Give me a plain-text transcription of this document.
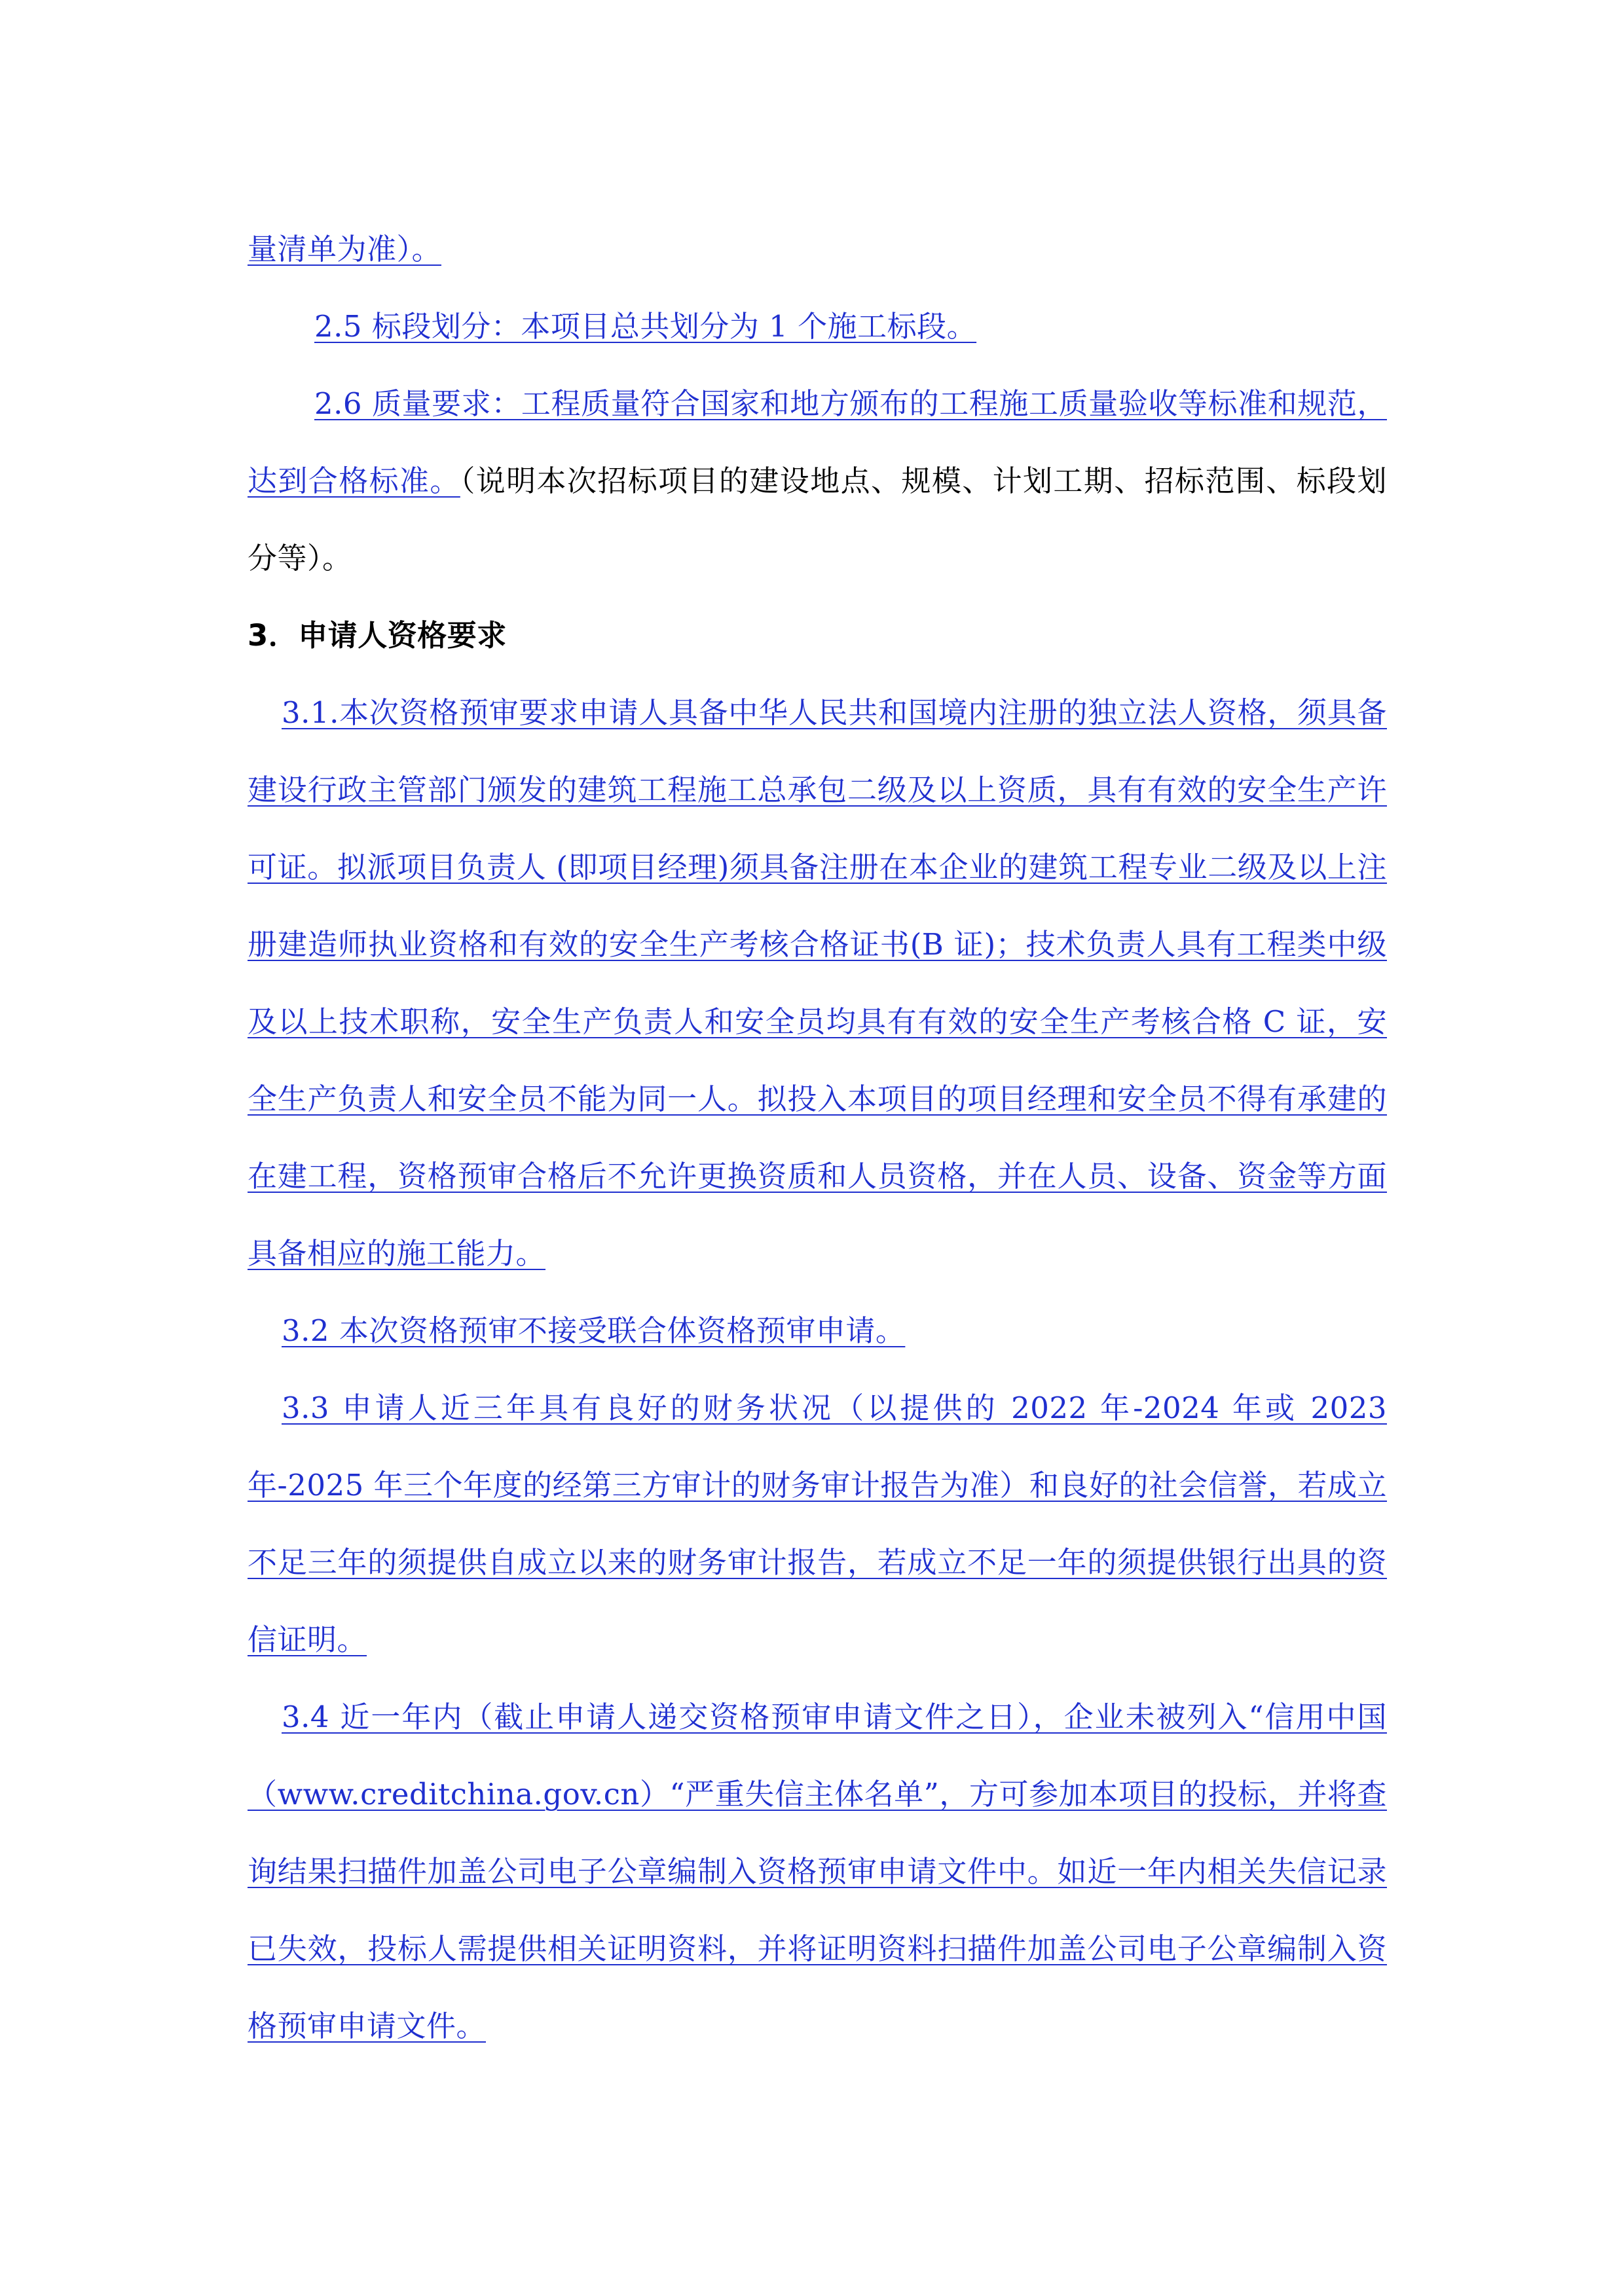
量清单为准）。

2.5 标段划分：本项目总共划分为 1 个施工标段。

2.6 质量要求：工程质量符合国家和地方颁布的工程施工质量验收等标准和规范，达到合格标准。（说明本次招标项目的建设地点、规模、计划工期、招标范围、标段划分等）。

3．申请人资格要求

3.1.本次资格预审要求申请人具备中华人民共和国境内注册的独立法人资格，须具备建设行政主管部门颁发的建筑工程施工总承包二级及以上资质，具有有效的安全生产许可证。拟派项目负责人 (即项目经理)须具备注册在本企业的建筑工程专业二级及以上注册建造师执业资格和有效的安全生产考核合格证书(B 证)；技术负责人具有工程类中级及以上技术职称，安全生产负责人和安全员均具有有效的安全生产考核合格 C 证，安全生产负责人和安全员不能为同一人。拟投入本项目的项目经理和安全员不得有承建的在建工程，资格预审合格后不允许更换资质和人员资格，并在人员、设备、资金等方面具备相应的施工能力。

3.2 本次资格预审不接受联合体资格预审申请。

3.3 申请人近三年具有良好的财务状况（以提供的 2022 年-2024 年或 2023 年-2025 年三个年度的经第三方审计的财务审计报告为准）和良好的社会信誉，若成立不足三年的须提供自成立以来的财务审计报告，若成立不足一年的须提供银行出具的资信证明。

3.4 近一年内（截止申请人递交资格预审申请文件之日），企业未被列入“信用中国（www.creditchina.gov.cn）“严重失信主体名单”，方可参加本项目的投标，并将查询结果扫描件加盖公司电子公章编制入资格预审申请文件中。如近一年内相关失信记录已失效，投标人需提供相关证明资料，并将证明资料扫描件加盖公司电子公章编制入资格预审申请文件。
